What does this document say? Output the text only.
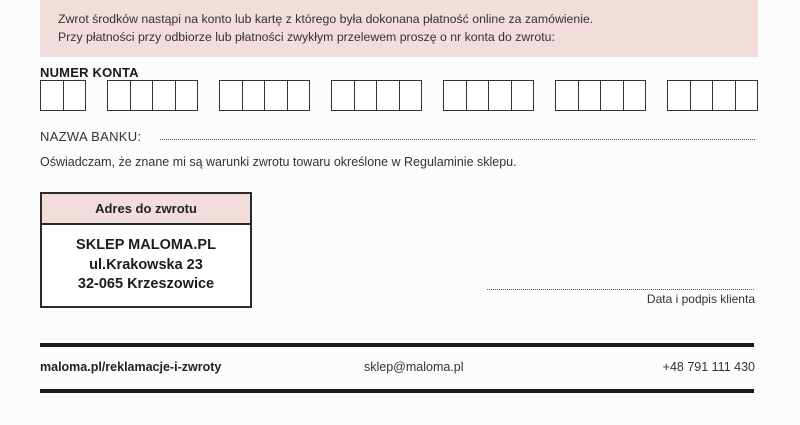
Zwrot środków nastąpi na konto lub kartę z którego była dokonana płatność online za zamówienie.

Przy płatności przy odbiorze lub płatności zwykłym przelewem proszę o nr konta do zwrotu:

NUMER KONTA
NAZWA BANKU:
Oświadczam, że znane mi są warunki zwrotu towaru określone w Regulaminie sklepu.
Adres do zwrotu
SKLEP MALOMA.PL
ul.Krakowska 23
32-065 Krzeszowice
Data i podpis klienta
maloma.pl/reklamacje-i-zwroty	sklep@maloma.pl	+48 791 111 430
